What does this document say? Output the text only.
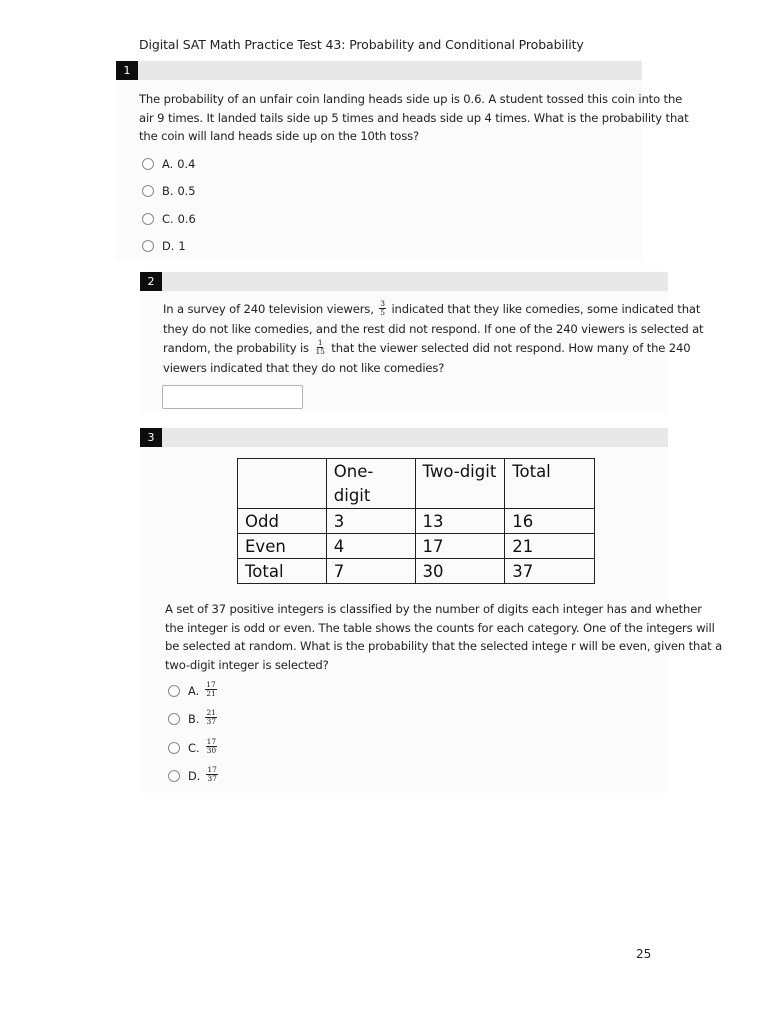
Digital SAT Math Practice Test 43: Probability and Conditional Probability
1

The probability of an unfair coin landing heads side up is 0.6. A student tossed this coin into the

air 9 times. It landed tails side up 5 times and heads side up 4 times. What is the probability that

the coin will land heads side up on the 10th toss?

A. 0.4
B. 0.5
C. 0.6
D. 1
2

In a survey of 240 television viewers, $\frac{3}{5}$ indicated that they like comedies, some indicated that

they do not like comedies, and the rest did not respond. If one of the 240 viewers is selected at

random, the probability is $\frac{1}{15}$ that the viewer selected did not respond. How many of the 240

viewers indicated that they do not like comedies?

3
	One-digit	Two-digit	Total
Odd	3	13	16
Even	4	17	21
Total	7	30	37

A set of 37 positive integers is classified by the number of digits each integer has and whether

the integer is odd or even. The table shows the counts for each category. One of the integers will

be selected at random. What is the probability that the selected intege r will be even, given that a

two-digit integer is selected?

A. $\frac{17}{21}$
B. $\frac{21}{37}$
C. $\frac{17}{30}$
D. $\frac{17}{37}$
25
